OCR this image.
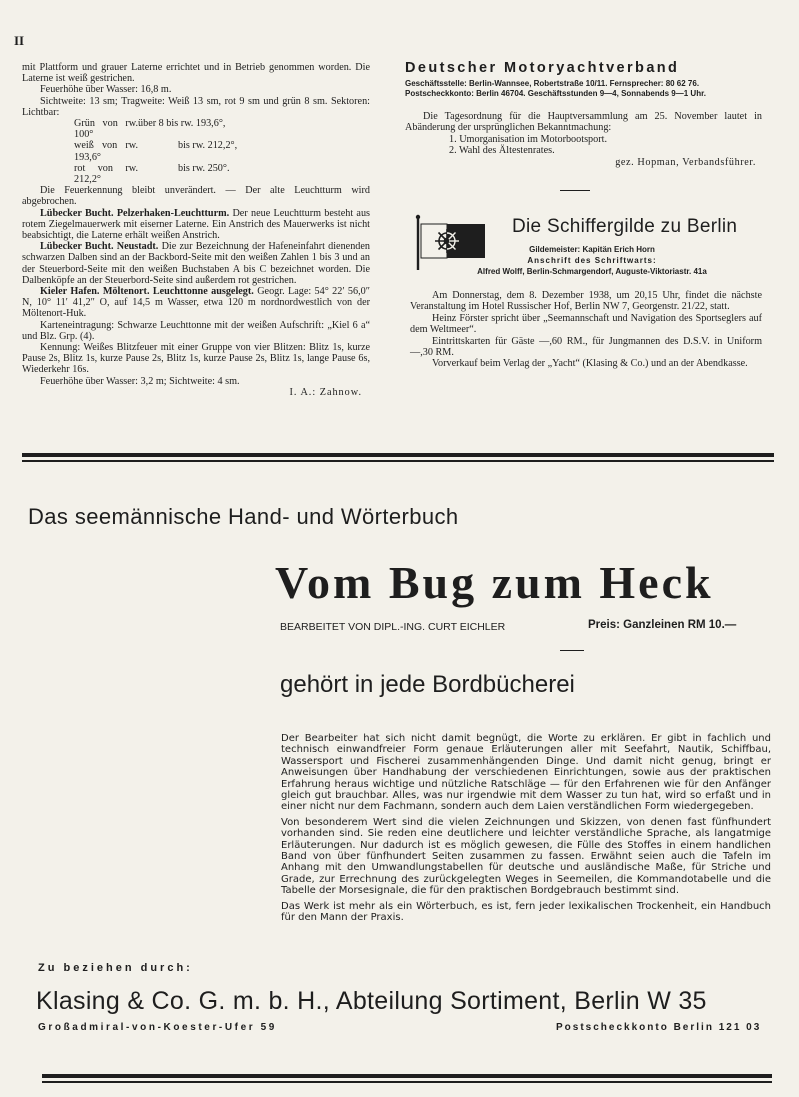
II

mit Plattform und grauer Laterne errichtet und in Betrieb genommen worden. Die Laterne ist weiß gestrichen.

Feuerhöhe über Wasser: 16,8 m.

Sichtweite: 13 sm; Tragweite: Weiß 13 sm, rot 9 sm und grün 8 sm. Sektoren: Lichtbar:

Grün von rw. 100°
über 8 bis rw. 193,6°,
weiß von rw. 193,6°
bis rw. 212,2°,
rot von rw. 212,2°
bis rw. 250°.

Die Feuerkennung bleibt unverändert. — Der alte Leuchtturm wird abgebrochen.

Lübecker Bucht. Pelzerhaken-Leuchtturm. Der neue Leuchtturm besteht aus rotem Ziegelmauerwerk mit eiserner Laterne. Ein Anstrich des Mauerwerks ist nicht beabsichtigt, die Laterne erhält weißen Anstrich.

Lübecker Bucht. Neustadt. Die zur Bezeichnung der Hafeneinfahrt dienenden schwarzen Dalben sind an der Backbord-Seite mit den weißen Zahlen 1 bis 3 und an der Steuerbord-Seite mit den weißen Buchstaben A bis C bezeichnet worden. Die Dalbenköpfe an der Steuerbord-Seite sind außerdem rot gestrichen.

Kieler Hafen. Möltenort. Leuchttonne ausgelegt. Geogr. Lage: 54° 22′ 56,0″ N, 10° 11′ 41,2″ O, auf 14,5 m Wasser, etwa 120 m nordnordwestlich von der Möltenort-Huk.

Karteneintragung: Schwarze Leuchttonne mit der weißen Aufschrift: „Kiel 6 a“ und Blz. Grp. (4).

Kennung: Weißes Blitzfeuer mit einer Gruppe von vier Blitzen: Blitz 1s, kurze Pause 2s, Blitz 1s, kurze Pause 2s, Blitz 1s, kurze Pause 2s, Blitz 1s, lange Pause 6s, Wiederkehr 16s.

Feuerhöhe über Wasser: 3,2 m; Sichtweite: 4 sm.

I. A.: Zahnow.

Deutscher Motoryachtverband
Geschäftsstelle: Berlin-Wannsee, Robertstraße 10/11. Fernsprecher: 80 62 76.
Postscheckkonto: Berlin 46704. Geschäftsstunden 9—4, Sonnabends 9—1 Uhr.

Die Tagesordnung für die Hauptversammlung am 25. November lautet in Abänderung der ursprünglichen Bekanntmachung:

1. Umorganisation im Motorbootsport.

2. Wahl des Ältestenrates.

gez. Hopman, Verbandsführer.

Die Schiffergilde zu Berlin
Gildemeister: Kapitän Erich Horn
Anschrift des Schriftwarts:
Alfred Wolff, Berlin-Schmargendorf, Auguste-Viktoriastr. 41a

Am Donnerstag, dem 8. Dezember 1938, um 20,15 Uhr, findet die nächste Veranstaltung im Hotel Russischer Hof, Berlin NW 7, Georgenstr. 21/22, statt.

Heinz Förster spricht über „Seemannschaft und Navigation des Sportseglers auf dem Weltmeer“.

Eintrittskarten für Gäste —,60 RM., für Jungmannen des D.S.V. in Uniform —,30 RM.

Vorverkauf beim Verlag der „Yacht“ (Klasing & Co.) und an der Abendkasse.

Das seemännische Hand- und Wörterbuch
Vom Bug zum Heck
BEARBEITET VON DIPL.-ING. CURT EICHLER	Preis: Ganzleinen RM 10.—
gehört in jede Bordbücherei

Der Bearbeiter hat sich nicht damit begnügt, die Worte zu erklären. Er gibt in fachlich und technisch einwandfreier Form genaue Erläuterungen aller mit Seefahrt, Nautik, Schiffbau, Wassersport und Fischerei zusammenhängenden Dinge. Und damit nicht genug, bringt er Anweisungen über Handhabung der verschiedenen Einrichtungen, sowie aus der praktischen Erfahrung heraus wichtige und nützliche Ratschläge — für den Erfahrenen wie für den Anfänger gleich gut brauchbar. Alles, was nur irgendwie mit dem Wasser zu tun hat, wird so erfaßt und in einer nicht nur dem Fachmann, sondern auch dem Laien verständlichen Form wiedergegeben.

Von besonderem Wert sind die vielen Zeichnungen und Skizzen, von denen fast fünfhundert vorhanden sind. Sie reden eine deutlichere und leichter verständliche Sprache, als langatmige Erläuterungen. Nur dadurch ist es möglich gewesen, die Fülle des Stoffes in einem handlichen Band von über fünfhundert Seiten zusammen zu fassen. Erwähnt seien auch die Tafeln im Anhang mit den Umwandlungstabellen für deutsche und ausländische Maße, für Striche und Grade, zur Errechnung des zurückgelegten Weges in Seemeilen, die Kommandotabelle und die Tabelle der Morsesignale, die für den praktischen Bordgebrauch bestimmt sind.

Das Werk ist mehr als ein Wörterbuch, es ist, fern jeder lexikalischen Trockenheit, ein Handbuch für den Mann der Praxis.

Zu beziehen durch:
Klasing & Co. G. m. b. H., Abteilung Sortiment, Berlin W 35
Großadmiral-von-Koester-Ufer 59	Postscheckkonto Berlin 121 03
